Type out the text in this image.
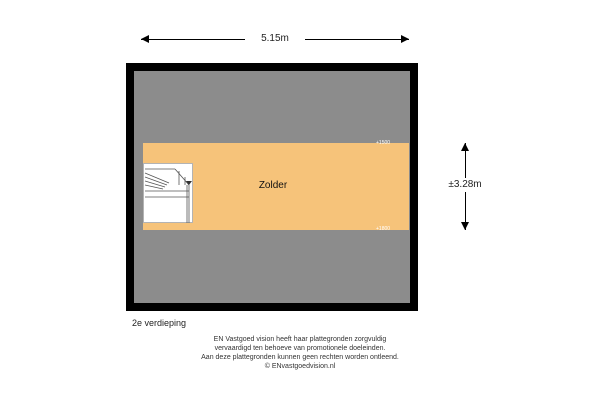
5.15m
±3.28m
+1500
+1800
Zolder
2e verdieping
EN Vastgoed vision heeft haar plattegronden zorgvuldig
vervaardigd ten behoeve van promotionele doeleinden.
Aan deze plattegronden kunnen geen rechten worden ontleend.
© ENvastgoedvision.nl
